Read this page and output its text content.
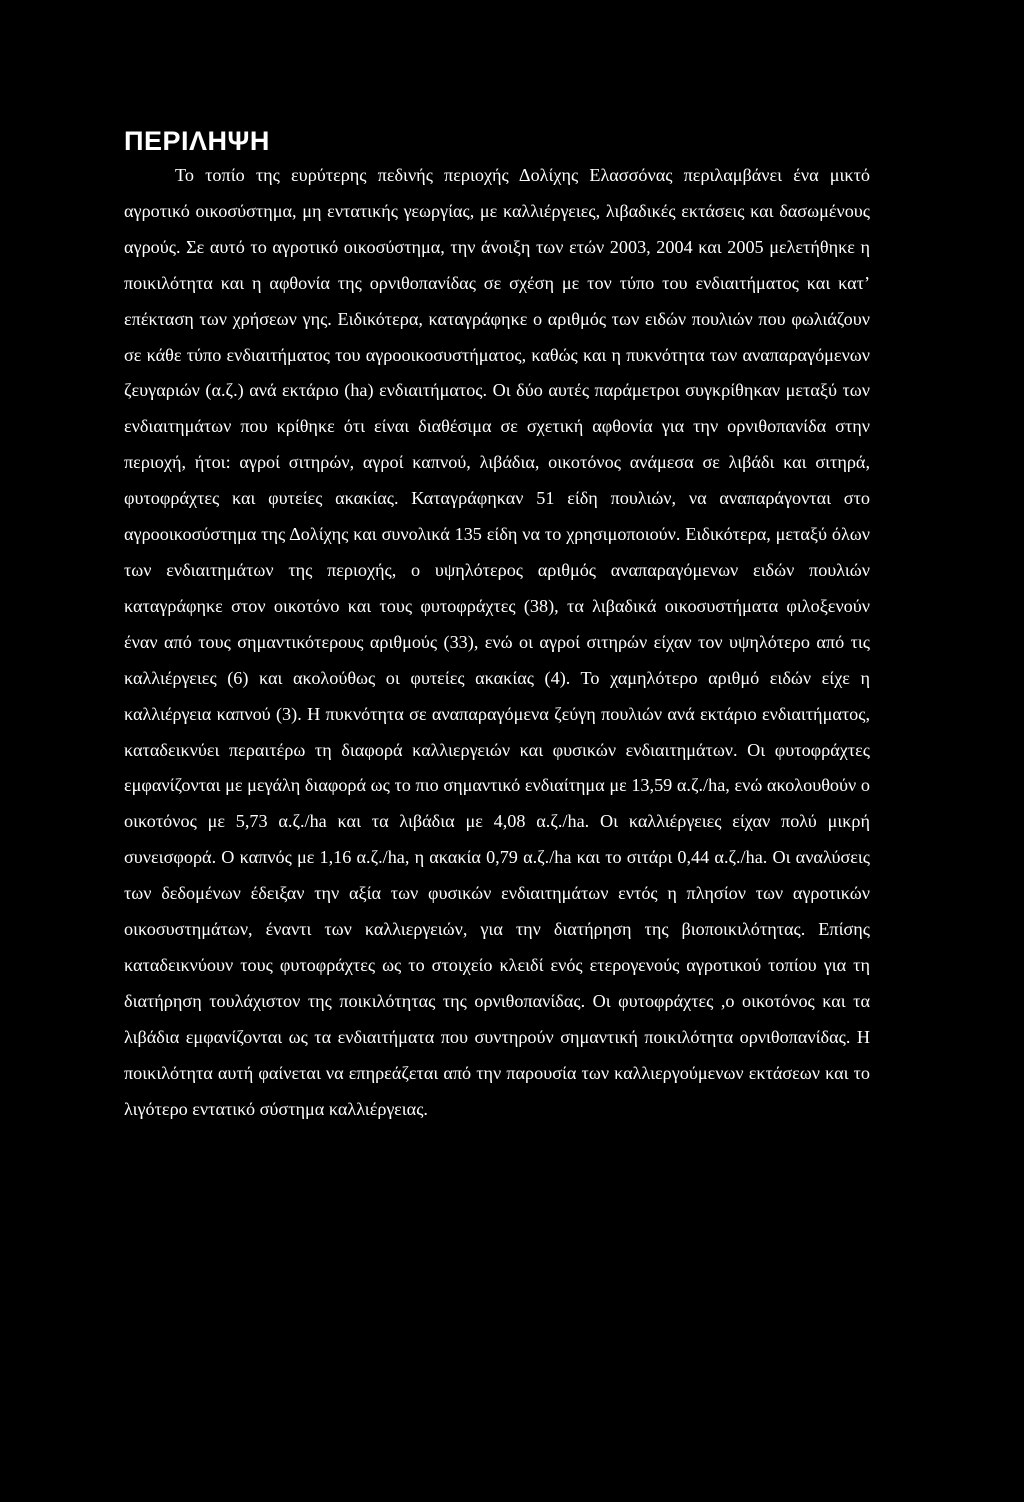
ΠΕΡΙΛΗΨΗ

Το τοπίο της ευρύτερης πεδινής περιοχής Δολίχης Ελασσόνας περιλαμβάνει ένα μικτό αγροτικό οικοσύστημα, μη εντατικής γεωργίας, με καλλιέργειες, λιβαδικές εκτάσεις και δασωμένους αγρούς. Σε αυτό το αγροτικό οικοσύστημα, την άνοιξη των ετών 2003, 2004 και 2005 μελετήθηκε η ποικιλότητα και η αφθονία της ορνιθοπανίδας σε σχέση με τον τύπο του ενδιαιτήματος και κατ’ επέκταση των χρήσεων γης. Ειδικότερα, καταγράφηκε ο αριθμός των ειδών πουλιών που φωλιάζουν σε κάθε τύπο ενδιαιτήματος του αγροοικοσυστήματος, καθώς και η πυκνότητα των αναπαραγόμενων ζευγαριών (α.ζ.) ανά εκτάριο (ha) ενδιαιτήματος. Οι δύο αυτές παράμετροι συγκρίθηκαν μεταξύ των ενδιαιτημάτων που κρίθηκε ότι είναι διαθέσιμα σε σχετική αφθονία για την ορνιθοπανίδα στην περιοχή, ήτοι: αγροί σιτηρών, αγροί καπνού, λιβάδια, οικοτόνος ανάμεσα σε λιβάδι και σιτηρά, φυτοφράχτες και φυτείες ακακίας. Καταγράφηκαν 51 είδη πουλιών, να αναπαράγονται στο αγροοικοσύστημα της Δολίχης και συνολικά 135 είδη να το χρησιμοποιούν. Ειδικότερα, μεταξύ όλων των ενδιαιτημάτων της περιοχής, ο υψηλότερος αριθμός αναπαραγόμενων ειδών πουλιών καταγράφηκε στον οικοτόνο και τους φυτοφράχτες (38), τα λιβαδικά οικοσυστήματα φιλοξενούν έναν από τους σημαντικότερους αριθμούς (33), ενώ οι αγροί σιτηρών είχαν τον υψηλότερο από τις καλλιέργειες (6) και ακολούθως οι φυτείες ακακίας (4). Το χαμηλότερο αριθμό ειδών είχε η καλλιέργεια καπνού (3). Η πυκνότητα σε αναπαραγόμενα ζεύγη πουλιών ανά εκτάριο ενδιαιτήματος, καταδεικνύει περαιτέρω τη διαφορά καλλιεργειών και φυσικών ενδιαιτημάτων. Οι φυτοφράχτες εμφανίζονται με μεγάλη διαφορά ως το πιο σημαντικό ενδιαίτημα με 13,59 α.ζ./ha, ενώ ακολουθούν ο οικοτόνος με 5,73 α.ζ./ha και τα λιβάδια με 4,08 α.ζ./ha. Οι καλλιέργειες είχαν πολύ μικρή συνεισφορά. Ο καπνός με 1,16 α.ζ./ha, η ακακία 0,79 α.ζ./ha και το σιτάρι 0,44 α.ζ./ha. Οι αναλύσεις των δεδομένων έδειξαν την αξία των φυσικών ενδιαιτημάτων εντός η πλησίον των αγροτικών οικοσυστημάτων, έναντι των καλλιεργειών, για την διατήρηση της βιοποικιλότητας. Επίσης καταδεικνύουν τους φυτοφράχτες ως το στοιχείο κλειδί ενός ετερογενούς αγροτικού τοπίου για τη διατήρηση τουλάχιστον της ποικιλότητας της ορνιθοπανίδας. Οι φυτοφράχτες ,ο οικοτόνος και τα λιβάδια εμφανίζονται ως τα ενδιαιτήματα που συντηρούν σημαντική ποικιλότητα ορνιθοπανίδας. Η ποικιλότητα αυτή φαίνεται να επηρεάζεται από την παρουσία των καλλιεργούμενων εκτάσεων και το λιγότερο εντατικό σύστημα καλλιέργειας.
